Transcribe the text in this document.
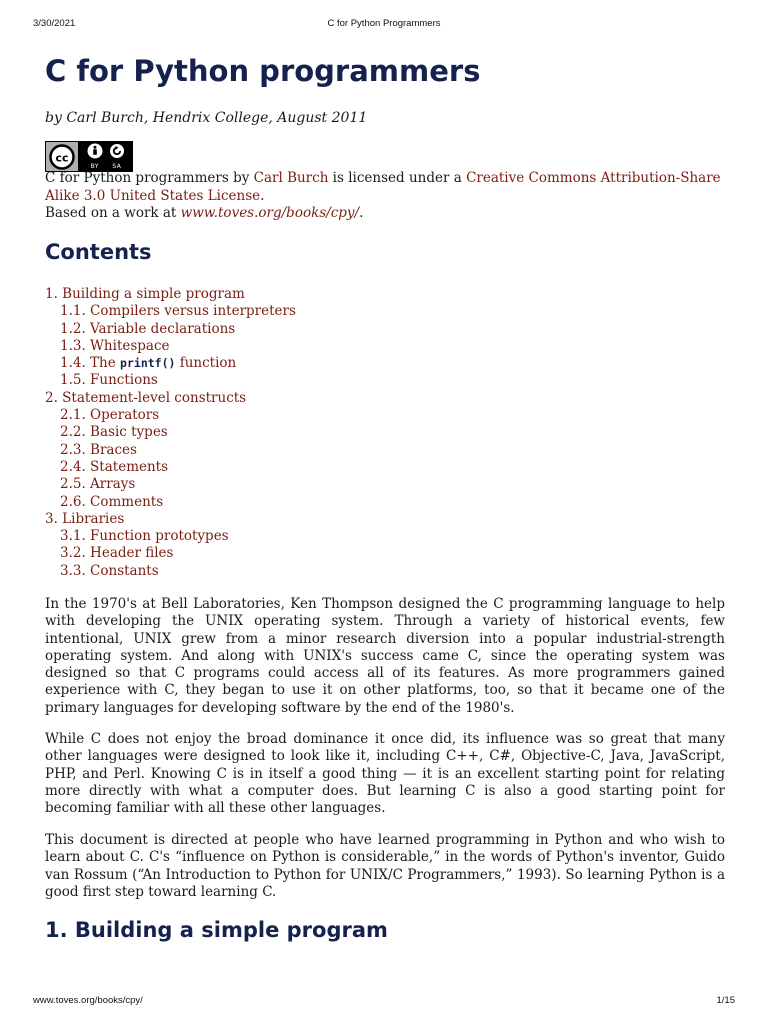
3/30/2021	C for Python Programmers
C for Python programmers

by Carl Burch, Hendrix College, August 2011

cc
BY SA

C for Python programmers by Carl Burch is licensed under a Creative Commons Attribution-Share Alike 3.0 United States License.
Based on a work at www.toves.org/books/cpy/.

Contents
1. Building a simple program
1.1. Compilers versus interpreters
1.2. Variable declarations
1.3. Whitespace
1.4. The printf() function
1.5. Functions
2. Statement-level constructs
2.1. Operators
2.2. Basic types
2.3. Braces
2.4. Statements
2.5. Arrays
2.6. Comments
3. Libraries
3.1. Function prototypes
3.2. Header files
3.3. Constants

In the 1970's at Bell Laboratories, Ken Thompson designed the C programming language to help with developing the UNIX operating system. Through a variety of historical events, few intentional, UNIX grew from a minor research diversion into a popular industrial-strength operating system. And along with UNIX's success came C, since the operating system was designed so that C programs could access all of its features. As more programmers gained experience with C, they began to use it on other platforms, too, so that it became one of the primary languages for developing software by the end of the 1980's.

While C does not enjoy the broad dominance it once did, its influence was so great that many other languages were designed to look like it, including C++, C#, Objective-C, Java, JavaScript, PHP, and Perl. Knowing C is in itself a good thing — it is an excellent starting point for relating more directly with what a computer does. But learning C is also a good starting point for becoming familiar with all these other languages.

This document is directed at people who have learned programming in Python and who wish to learn about C. C's “influence on Python is considerable,” in the words of Python's inventor, Guido van Rossum (“An Introduction to Python for UNIX/C Programmers,” 1993). So learning Python is a good first step toward learning C.

1. Building a simple program
www.toves.org/books/cpy/	1/15
